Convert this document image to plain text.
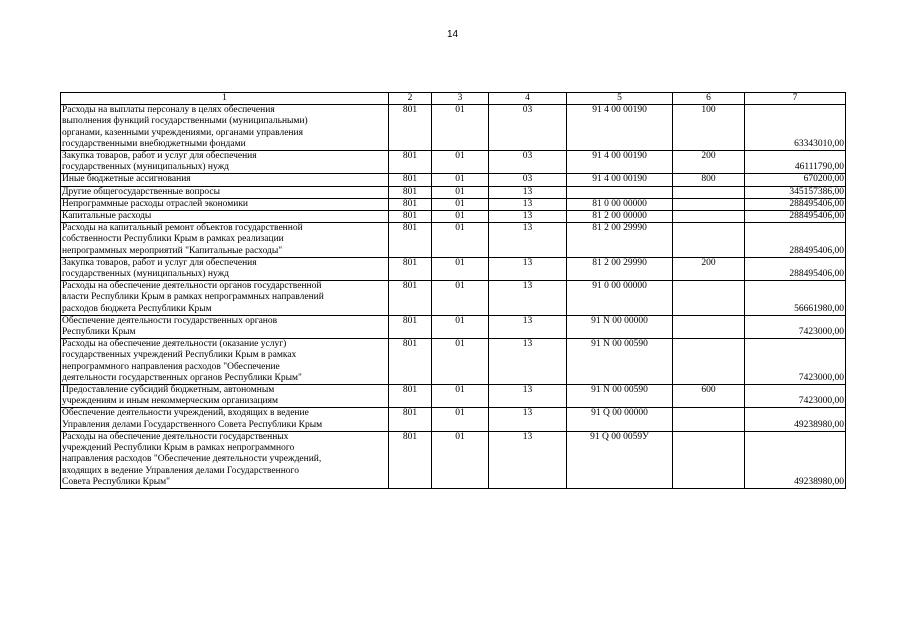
14
1	2	3	4	5	6	7

Расходы на выплаты персоналу в целях обеспечения
выполнения функций государственными (муниципальными)
органами, казенными учреждениями, органами управления
государственными внебюджетными фондами	801	01	03	91 4 00 00190	100	63343010,00

Закупка товаров, работ и услуг для обеспечения
государственных (муниципальных) нужд	801	01	03	91 4 00 00190	200	46111790,00

Иные бюджетные ассигнования	801	01	03	91 4 00 00190	800	670200,00

Другие общегосударственные вопросы	801	01	13			345157386,00

Непрограммные расходы отраслей экономики	801	01	13	81 0 00 00000		288495406,00

Капитальные расходы	801	01	13	81 2 00 00000		288495406,00

Расходы на капитальный ремонт объектов государственной
собственности Республики Крым в рамках реализации
непрограммных мероприятий "Капитальные расходы"	801	01	13	81 2 00 29990		288495406,00

Закупка товаров, работ и услуг для обеспечения
государственных (муниципальных) нужд	801	01	13	81 2 00 29990	200	288495406,00

Расходы на обеспечение деятельности органов государственной
власти Республики Крым в рамках непрограммных направлений
расходов бюджета Республики Крым	801	01	13	91 0 00 00000		56661980,00

Обеспечение деятельности государственных органов
Республики Крым	801	01	13	91 N 00 00000		7423000,00

Расходы на обеспечение деятельности (оказание услуг)
государственных учреждений Республики Крым в рамках
непрограммного направления расходов "Обеспечение
деятельности государственных органов Республики Крым"	801	01	13	91 N 00 00590		7423000,00

Предоставление субсидий бюджетным, автономным
учреждениям и иным некоммерческим организациям	801	01	13	91 N 00 00590	600	7423000,00

Обеспечение деятельности учреждений, входящих в ведение
Управления делами Государственного Совета Республики Крым	801	01	13	91 Q 00 00000		49238980,00

Расходы на обеспечение деятельности государственных
учреждений Республики Крым в рамках непрограммного
направления расходов "Обеспечение деятельности учреждений,
входящих в ведение Управления делами Государственного
Совета Республики Крым"	801	01	13	91 Q 00 0059У		49238980,00
